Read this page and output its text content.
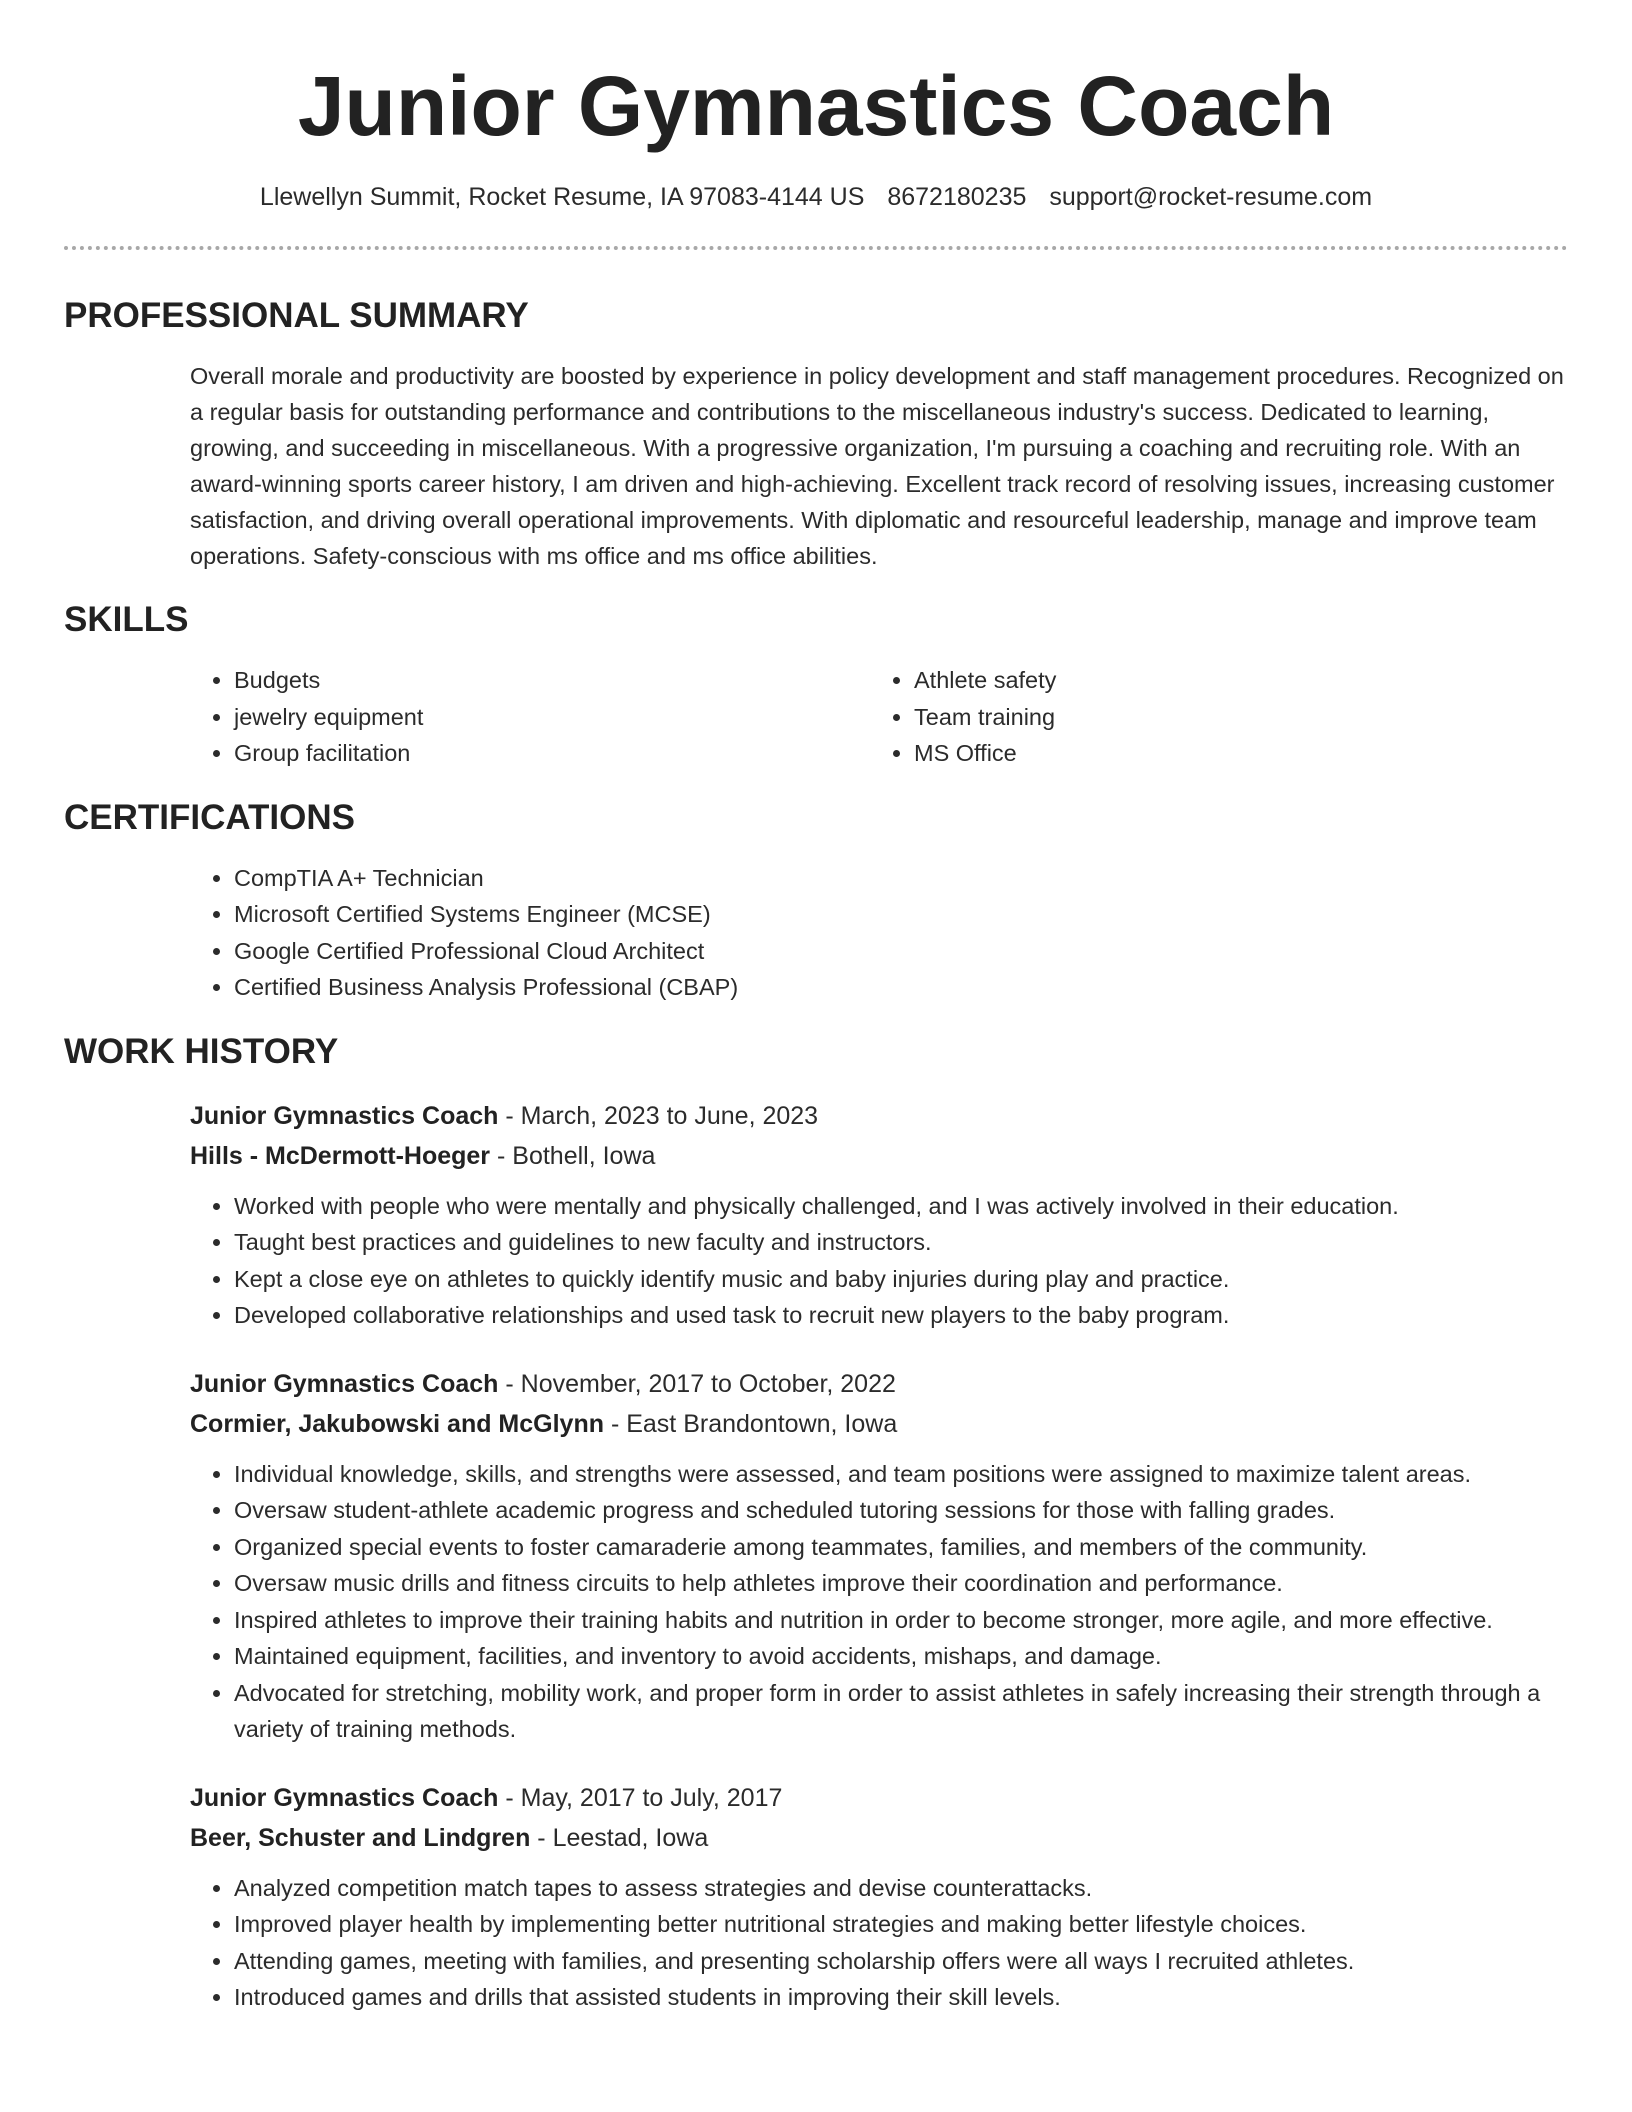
Junior Gymnastics Coach
Llewellyn Summit, Rocket Resume, IA 97083-4144 US 8672180235 support@rocket-resume.com
PROFESSIONAL SUMMARY
Overall morale and productivity are boosted by experience in policy development and staff management procedures. Recognized on a regular basis for outstanding performance and contributions to the miscellaneous industry's success. Dedicated to learning, growing, and succeeding in miscellaneous. With a progressive organization, I'm pursuing a coaching and recruiting role. With an award-winning sports career history, I am driven and high-achieving. Excellent track record of resolving issues, increasing customer satisfaction, and driving overall operational improvements. With diplomatic and resourceful leadership, manage and improve team operations. Safety-conscious with ms office and ms office abilities.
SKILLS
• Budgets
• jewelry equipment
• Group facilitation
• Athlete safety
• Team training
• MS Office
CERTIFICATIONS
• CompTIA A+ Technician
• Microsoft Certified Systems Engineer (MCSE)
• Google Certified Professional Cloud Architect
• Certified Business Analysis Professional (CBAP)
WORK HISTORY
Junior Gymnastics Coach - March, 2023 to June, 2023
Hills - McDermott-Hoeger - Bothell, Iowa
• Worked with people who were mentally and physically challenged, and I was actively involved in their education.
• Taught best practices and guidelines to new faculty and instructors.
• Kept a close eye on athletes to quickly identify music and baby injuries during play and practice.
• Developed collaborative relationships and used task to recruit new players to the baby program.
Junior Gymnastics Coach - November, 2017 to October, 2022
Cormier, Jakubowski and McGlynn - East Brandontown, Iowa
• Individual knowledge, skills, and strengths were assessed, and team positions were assigned to maximize talent areas.
• Oversaw student-athlete academic progress and scheduled tutoring sessions for those with falling grades.
• Organized special events to foster camaraderie among teammates, families, and members of the community.
• Oversaw music drills and fitness circuits to help athletes improve their coordination and performance.
• Inspired athletes to improve their training habits and nutrition in order to become stronger, more agile, and more effective.
• Maintained equipment, facilities, and inventory to avoid accidents, mishaps, and damage.
• Advocated for stretching, mobility work, and proper form in order to assist athletes in safely increasing their strength through a variety of training methods.
Junior Gymnastics Coach - May, 2017 to July, 2017
Beer, Schuster and Lindgren - Leestad, Iowa
• Analyzed competition match tapes to assess strategies and devise counterattacks.
• Improved player health by implementing better nutritional strategies and making better lifestyle choices.
• Attending games, meeting with families, and presenting scholarship offers were all ways I recruited athletes.
• Introduced games and drills that assisted students in improving their skill levels.
